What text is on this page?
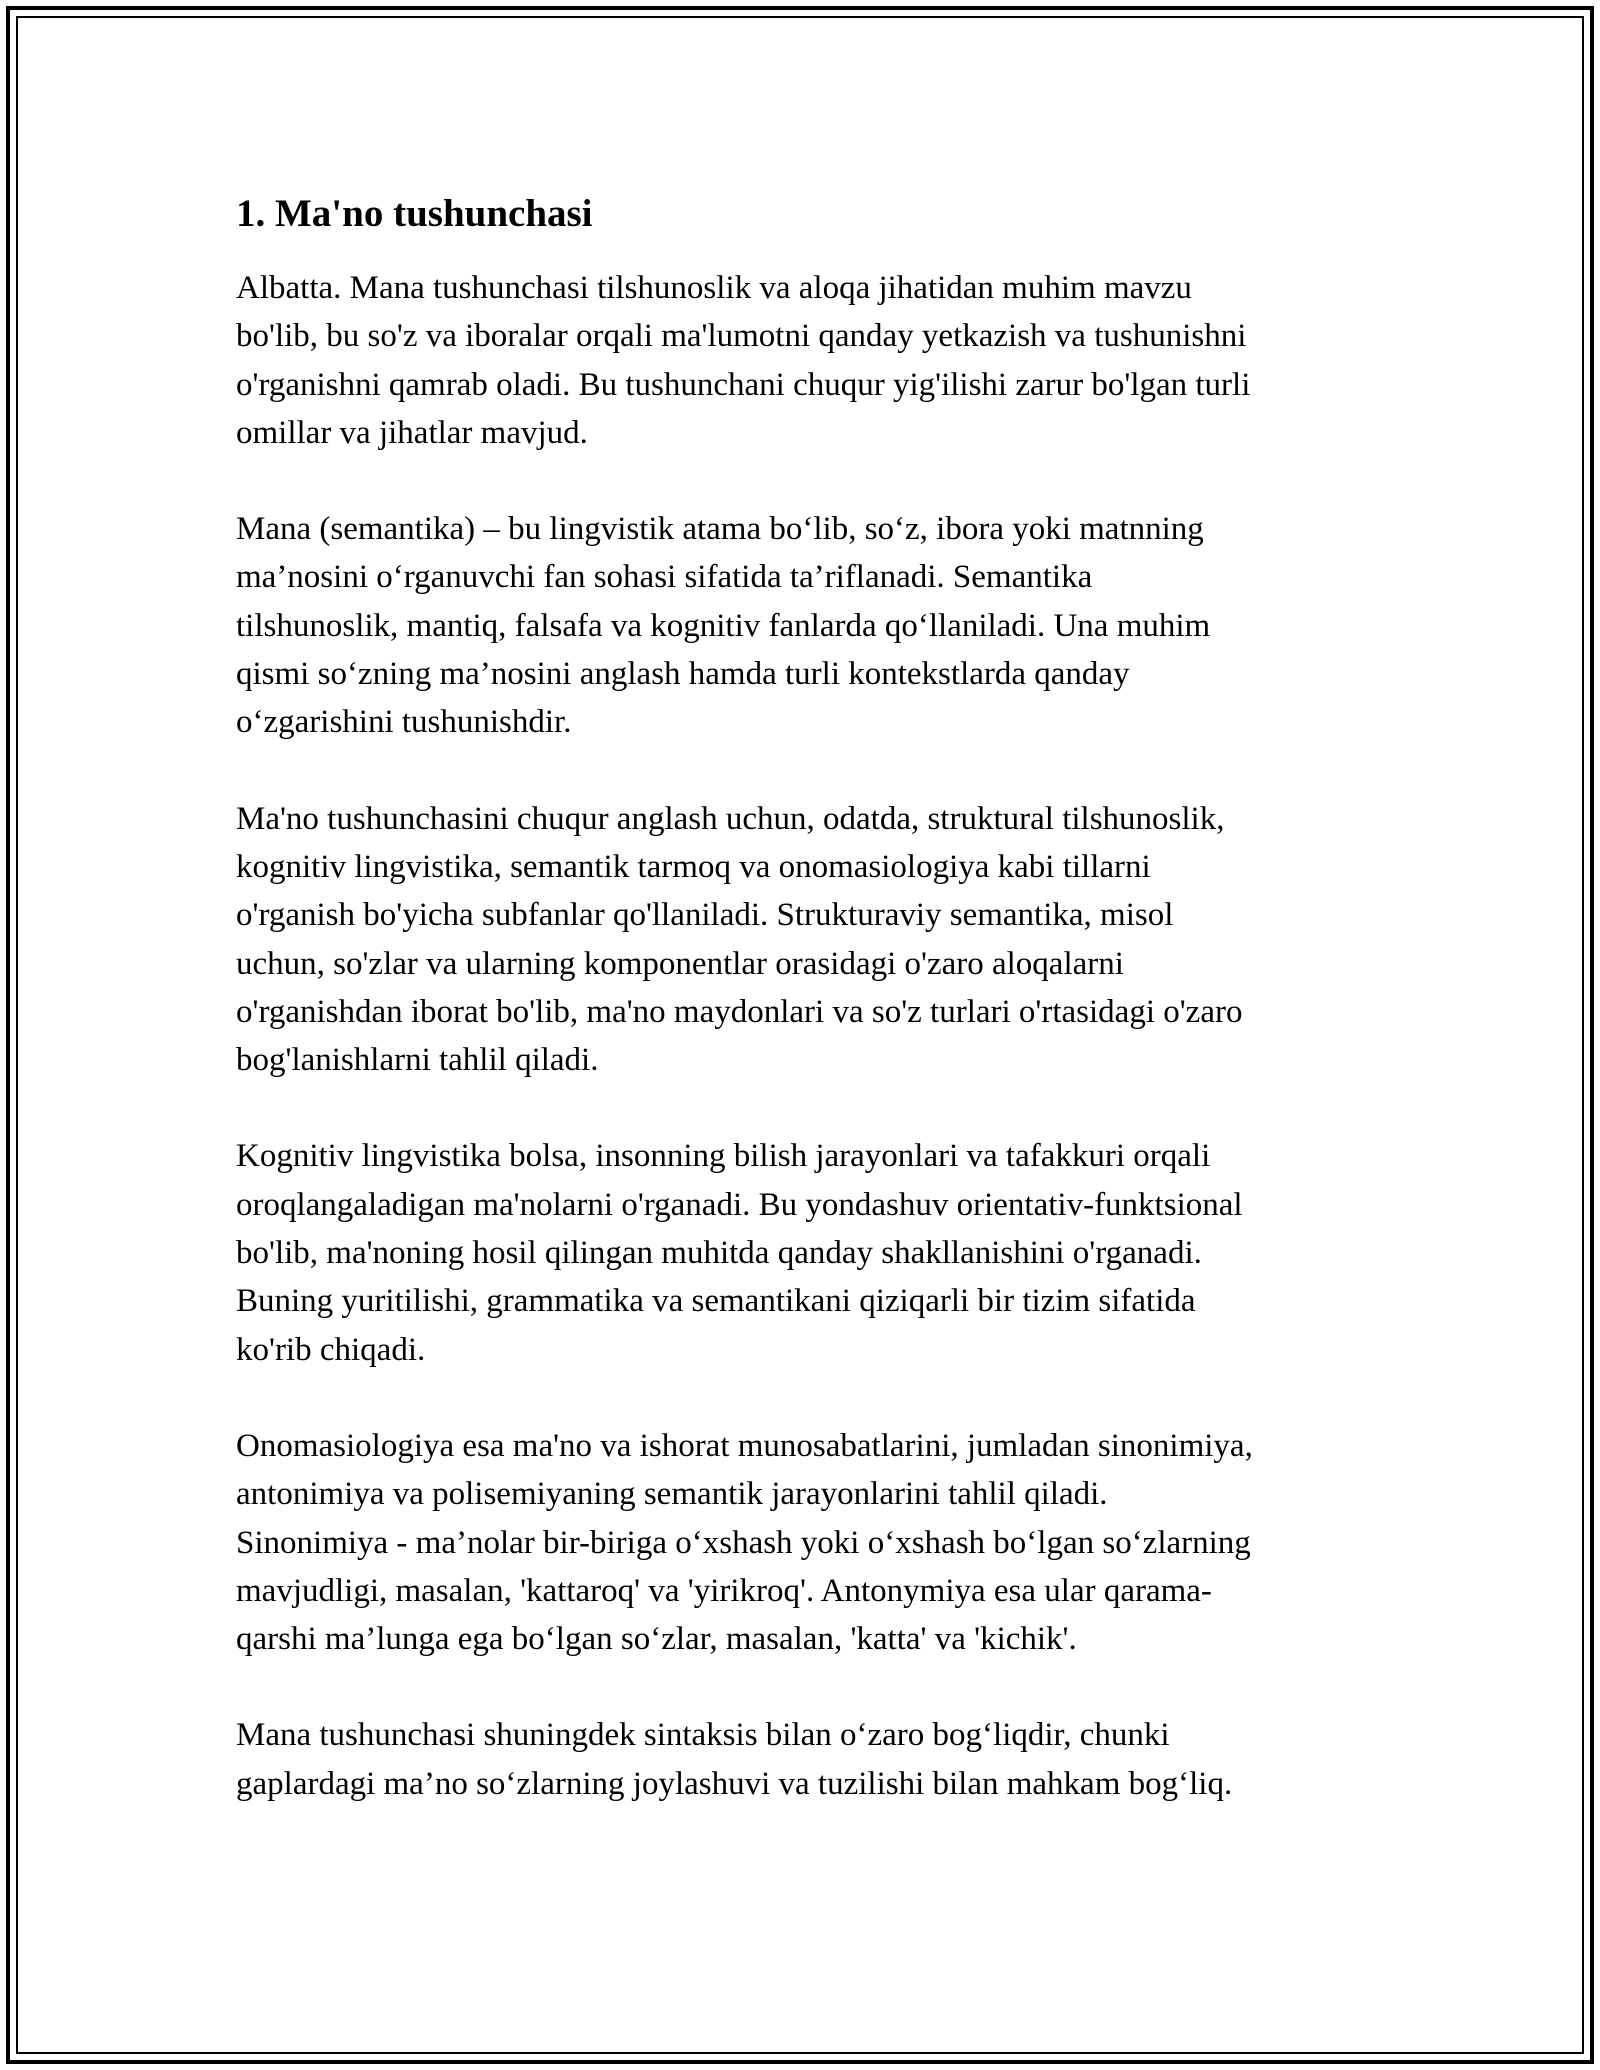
1. Ma'no tushunchasi

Albatta. Mana tushunchasi tilshunoslik va aloqa jihatidan muhim mavzu
bo'lib, bu so'z va iboralar orqali ma'lumotni qanday yetkazish va tushunishni
o'rganishni qamrab oladi. Bu tushunchani chuqur yig'ilishi zarur bo'lgan turli
omillar va jihatlar mavjud.

Mana (semantika) – bu lingvistik atama bo‘lib, so‘z, ibora yoki matnning
ma’nosini o‘rganuvchi fan sohasi sifatida ta’riflanadi. Semantika
tilshunoslik, mantiq, falsafa va kognitiv fanlarda qo‘llaniladi. Una muhim
qismi so‘zning ma’nosini anglash hamda turli kontekstlarda qanday
o‘zgarishini tushunishdir.

Ma'no tushunchasini chuqur anglash uchun, odatda, struktural tilshunoslik,
kognitiv lingvistika, semantik tarmoq va onomasiologiya kabi tillarni
o'rganish bo'yicha subfanlar qo'llaniladi. Strukturaviy semantika, misol
uchun, so'zlar va ularning komponentlar orasidagi o'zaro aloqalarni
o'rganishdan iborat bo'lib, ma'no maydonlari va so'z turlari o'rtasidagi o'zaro
bog'lanishlarni tahlil qiladi.

Kognitiv lingvistika bolsa, insonning bilish jarayonlari va tafakkuri orqali
oroqlangaladigan ma'nolarni o'rganadi. Bu yondashuv orientativ-funktsional
bo'lib, ma'noning hosil qilingan muhitda qanday shakllanishini o'rganadi.
Buning yuritilishi, grammatika va semantikani qiziqarli bir tizim sifatida
ko'rib chiqadi.

Onomasiologiya esa ma'no va ishorat munosabatlarini, jumladan sinonimiya,
antonimiya va polisemiyaning semantik jarayonlarini tahlil qiladi.
Sinonimiya - ma’nolar bir-biriga o‘xshash yoki o‘xshash bo‘lgan so‘zlarning
mavjudligi, masalan, 'kattaroq' va 'yirikroq'. Antonymiya esa ular qarama-
qarshi ma’lunga ega bo‘lgan so‘zlar, masalan, 'katta' va 'kichik'.

Mana tushunchasi shuningdek sintaksis bilan o‘zaro bog‘liqdir, chunki
gaplardagi ma’no so‘zlarning joylashuvi va tuzilishi bilan mahkam bog‘liq.
